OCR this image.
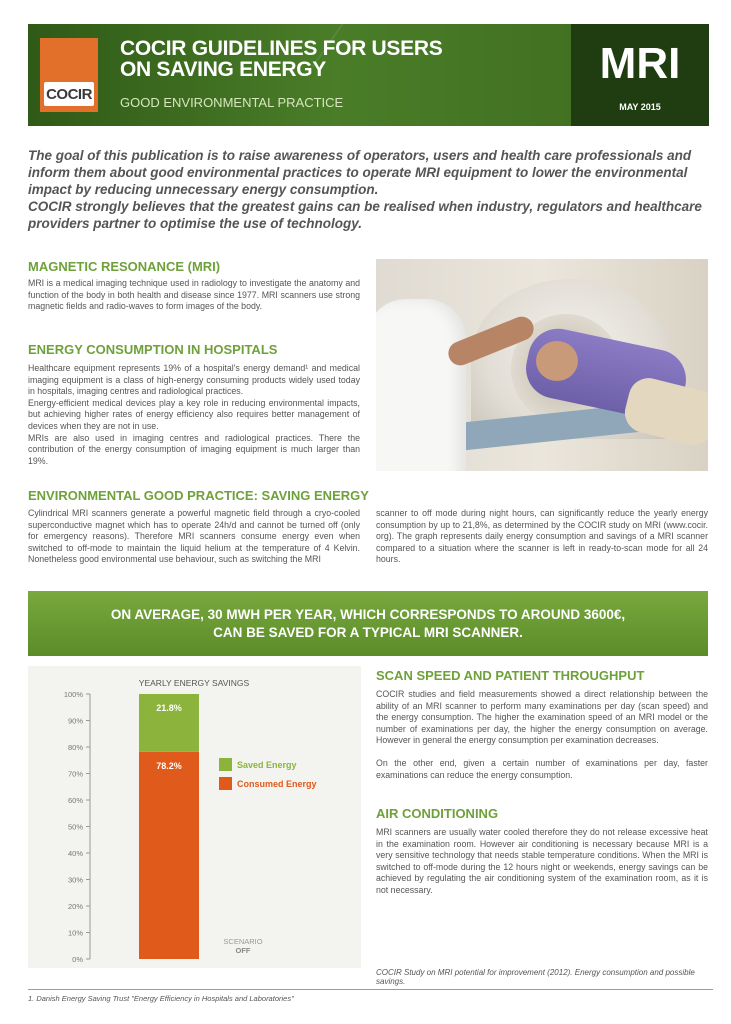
COCIR
COCIR GUIDELINES FOR USERS
ON SAVING ENERGY
GOOD ENVIRONMENTAL PRACTICE
MRI
MAY 2015

The goal of this publication is to raise awareness of operators, users and health care professionals and inform them about good environmental practices to operate MRI equipment to lower the environmental impact by reducing unnecessary energy consumption.

COCIR strongly believes that the greatest gains can be realised when industry, regulators and healthcare providers partner to optimise the use of technology.

MAGNETIC RESONANCE (MRI)
MRI is a medical imaging technique used in radiology to investigate the anatomy and function of the body in both health and disease since 1977. MRI scanners use strong magnetic fields and radio-waves to form images of the body.
ENERGY CONSUMPTION IN HOSPITALS

Healthcare equipment represents 19% of a hospital's energy demand¹ and medical imaging equipment is a class of high-energy consuming products widely used today in hospitals, imaging centres and radiological practices.

Energy-efficient medical devices play a key role in reducing environmental impacts, but achieving higher rates of energy efficiency also requires better management of devices when they are not in use.

MRIs are also used in imaging centres and radiological practices. There the contribution of the energy consumption of imaging equipment is much larger than 19%.

ENVIRONMENTAL GOOD PRACTICE: SAVING ENERGY
Cylindrical MRI scanners generate a powerful magnetic field through a cryo-cooled superconductive magnet which has to operate 24h/d and cannot be turned off (only for emergency reasons). Therefore MRI scanners consume energy even when switched to off-mode to maintain the liquid helium at the temperature of 4 Kelvin. Nonetheless good environmental use behaviour, such as switching the MRI
scanner to off mode during night hours, can significantly reduce the yearly energy consumption by up to 21,8%, as determined by the COCIR study on MRI (www.cocir. org). The graph represents daily energy consumption and savings of a MRI scanner compared to a situation where the scanner is left in ready-to-scan mode for all 24 hours.
ON AVERAGE, 30 MWH PER YEAR, WHICH CORRESPONDS TO AROUND 3600€,
CAN BE SAVED FOR A TYPICAL MRI SCANNER.
YEARLY ENERGY SAVINGS
0%
10%
20%
30%
40%
50%
60%
70%
80%
90%
100%
78.2%
21.8%
SCENARIO
OFF
Saved Energy
Consumed Energy
SCAN SPEED AND PATIENT THROUGHPUT

COCIR studies and field measurements showed a direct relationship between the ability of an MRI scanner to perform many examinations per day (scan speed) and the energy consumption. The higher the examination speed of an MRI model or the number of examinations per day, the higher the energy consumption on average. However in general the energy consumption per examination decreases.

On the other end, given a certain number of examinations per day, faster examinations can reduce the energy consumption.

AIR CONDITIONING
MRI scanners are usually water cooled therefore they do not release excessive heat in the examination room. However air conditioning is necessary because MRI is a very sensitive technology that needs stable temperature conditions. When the MRI is switched to off-mode during the 12 hours night or weekends, energy savings can be achieved by regulating the air conditioning system of the examination room, as it is not necessary.
COCIR Study on MRI potential for improvement (2012). Energy consumption and possible savings.
1. Danish Energy Saving Trust "Energy Efficiency in Hospitals and Laboratories"
